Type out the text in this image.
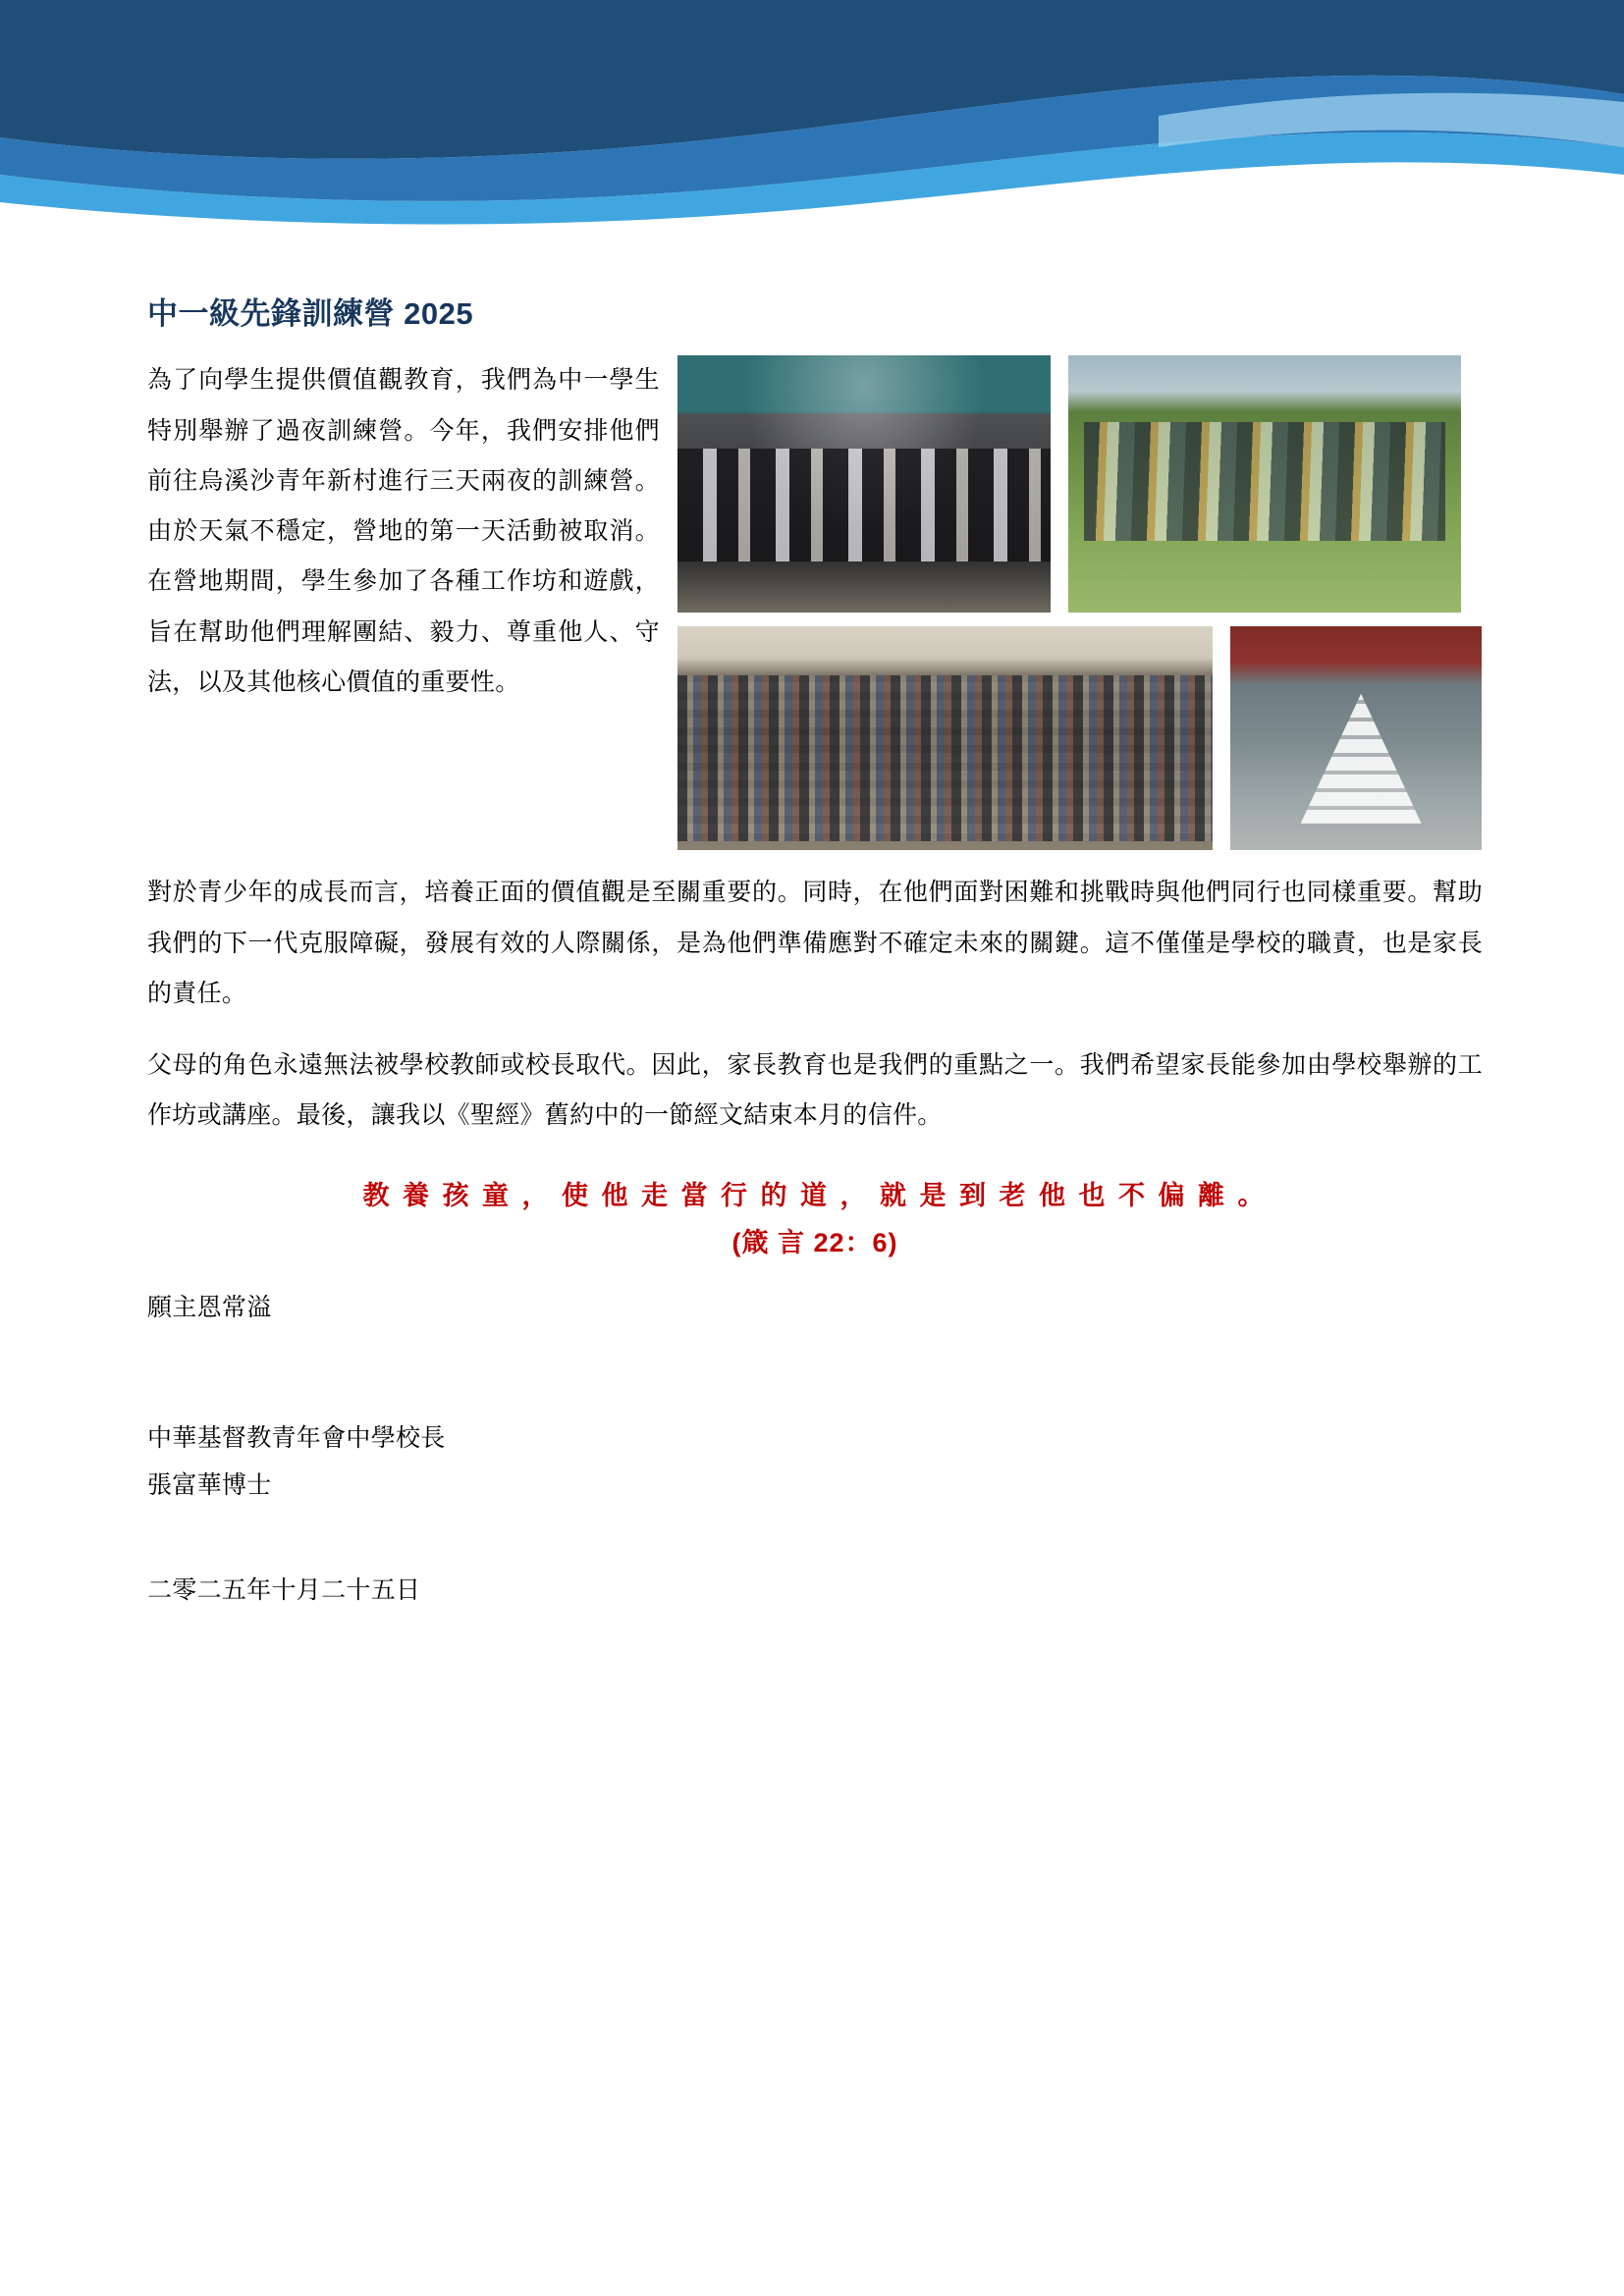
中一級先鋒訓練營 2025

為了向學生提供價值觀教育，我們為中一學生特別舉辦了過夜訓練營。今年，我們安排他們前往烏溪沙青年新村進行三天兩夜的訓練營。由於天氣不穩定，營地的第一天活動被取消。在營地期間，學生參加了各種工作坊和遊戲，旨在幫助他們理解團結、毅力、尊重他人、守法，以及其他核心價值的重要性。

對於青少年的成長而言，培養正面的價值觀是至關重要的。同時，在他們面對困難和挑戰時與他們同行也同樣重要。幫助我們的下一代克服障礙，發展有效的人際關係，是為他們準備應對不確定未來的關鍵。這不僅僅是學校的職責，也是家長的責任。

父母的角色永遠無法被學校教師或校長取代。因此，家長教育也是我們的重點之一。我們希望家長能參加由學校舉辦的工作坊或講座。最後，讓我以《聖經》舊約中的一節經文結束本月的信件。

教 養 孩 童 ， 使 他 走 當 行 的 道 ， 就 是 到 老 他 也 不 偏 離 。
(箴 言 22：6)

願主恩常溢

中華基督教青年會中學校長

張富華博士

二零二五年十月二十五日
